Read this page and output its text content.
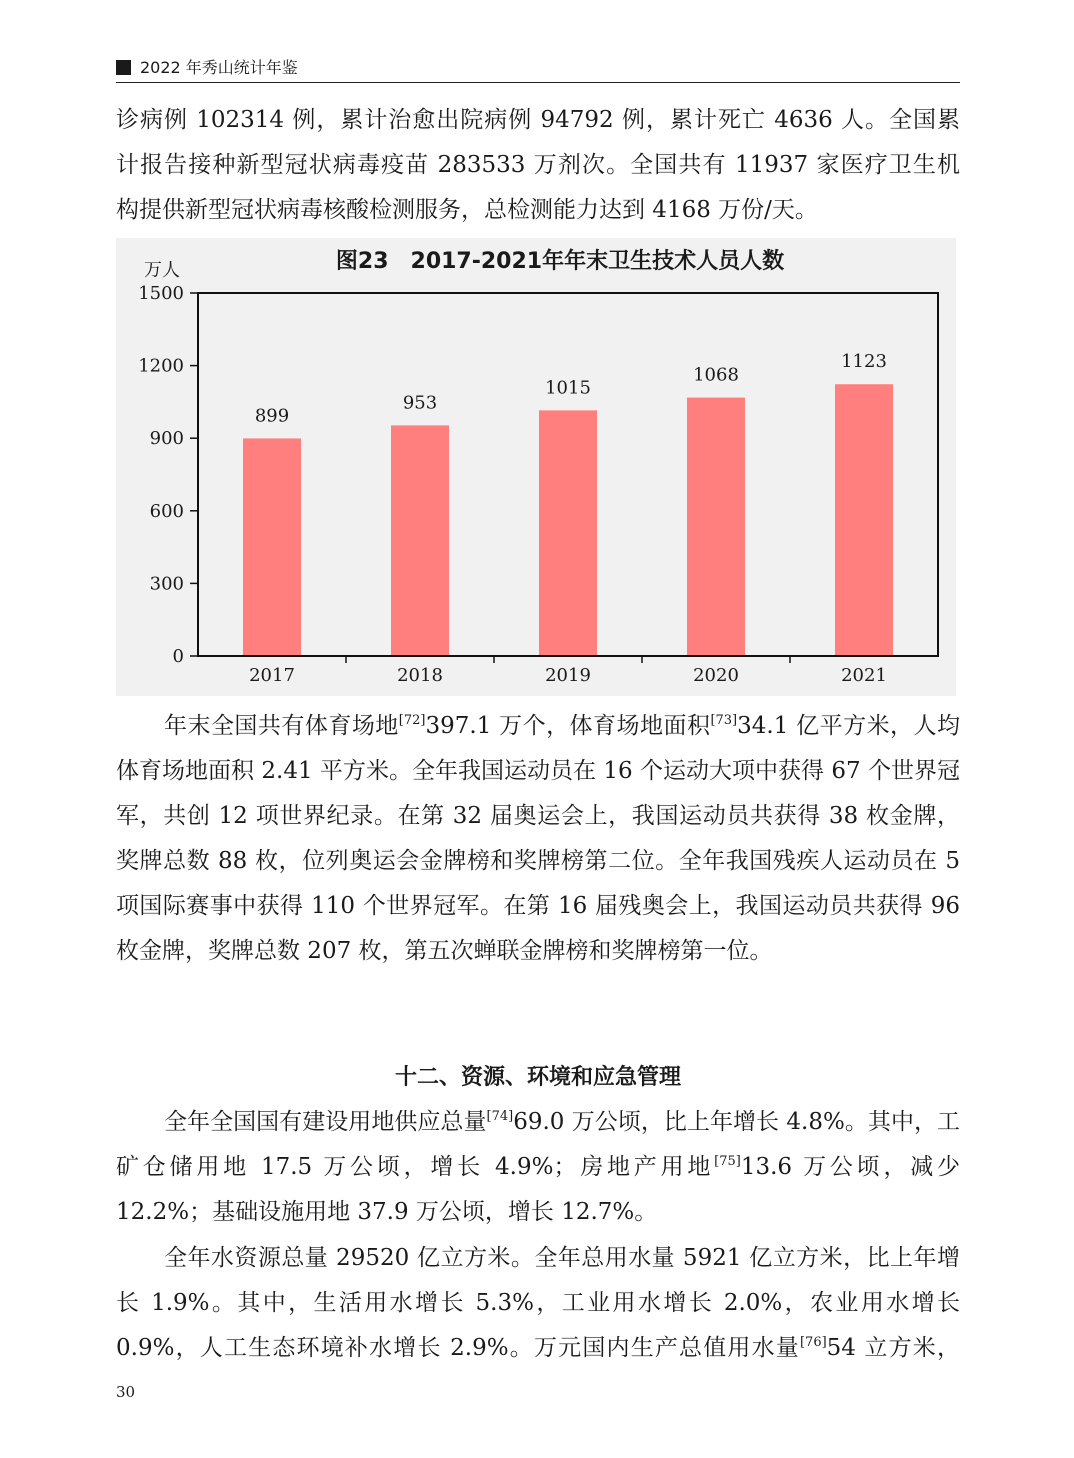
2022 年秀山统计年鉴
诊病例 102314 例，累计治愈出院病例 94792 例，累计死亡 4636 人。全国累
计报告接种新型冠状病毒疫苗 283533 万剂次。全国共有 11937 家医疗卫生机
构提供新型冠状病毒核酸检测服务，总检测能力达到 4168 万份/天。
图23　2017-2021年年末卫生技术人员人数
万人
0
300
600
900
1200
1500
899
953
1015
1068
1123
2017	2018	2019	2020	2021

年末全国共有体育场地[72]397.1 万个，体育场地面积[73]34.1 亿平方米，人均体育场地面积 2.41 平方米。全年我国运动员在 16 个运动大项中获得 67 个世界冠军，共创 12 项世界纪录。在第 32 届奥运会上，我国运动员共获得 38 枚金牌，奖牌总数 88 枚，位列奥运会金牌榜和奖牌榜第二位。全年我国残疾人运动员在 5 项国际赛事中获得 110 个世界冠军。在第 16 届残奥会上，我国运动员共获得 96 枚金牌，奖牌总数 207 枚，第五次蝉联金牌榜和奖牌榜第一位。

十二、资源、环境和应急管理

全年全国国有建设用地供应总量[74]69.0 万公顷，比上年增长 4.8%。其中，工矿仓储用地 17.5 万公顷，增长 4.9%；房地产用地[75]13.6 万公顷，减少 12.2%；基础设施用地 37.9 万公顷，增长 12.7%。

全年水资源总量 29520 亿立方米。全年总用水量 5921 亿立方米，比上年增长 1.9%。其中，生活用水增长 5.3%，工业用水增长 2.0%，农业用水增长 0.9%，人工生态环境补水增长 2.9%。万元国内生产总值用水量[76]54 立方米，

30
